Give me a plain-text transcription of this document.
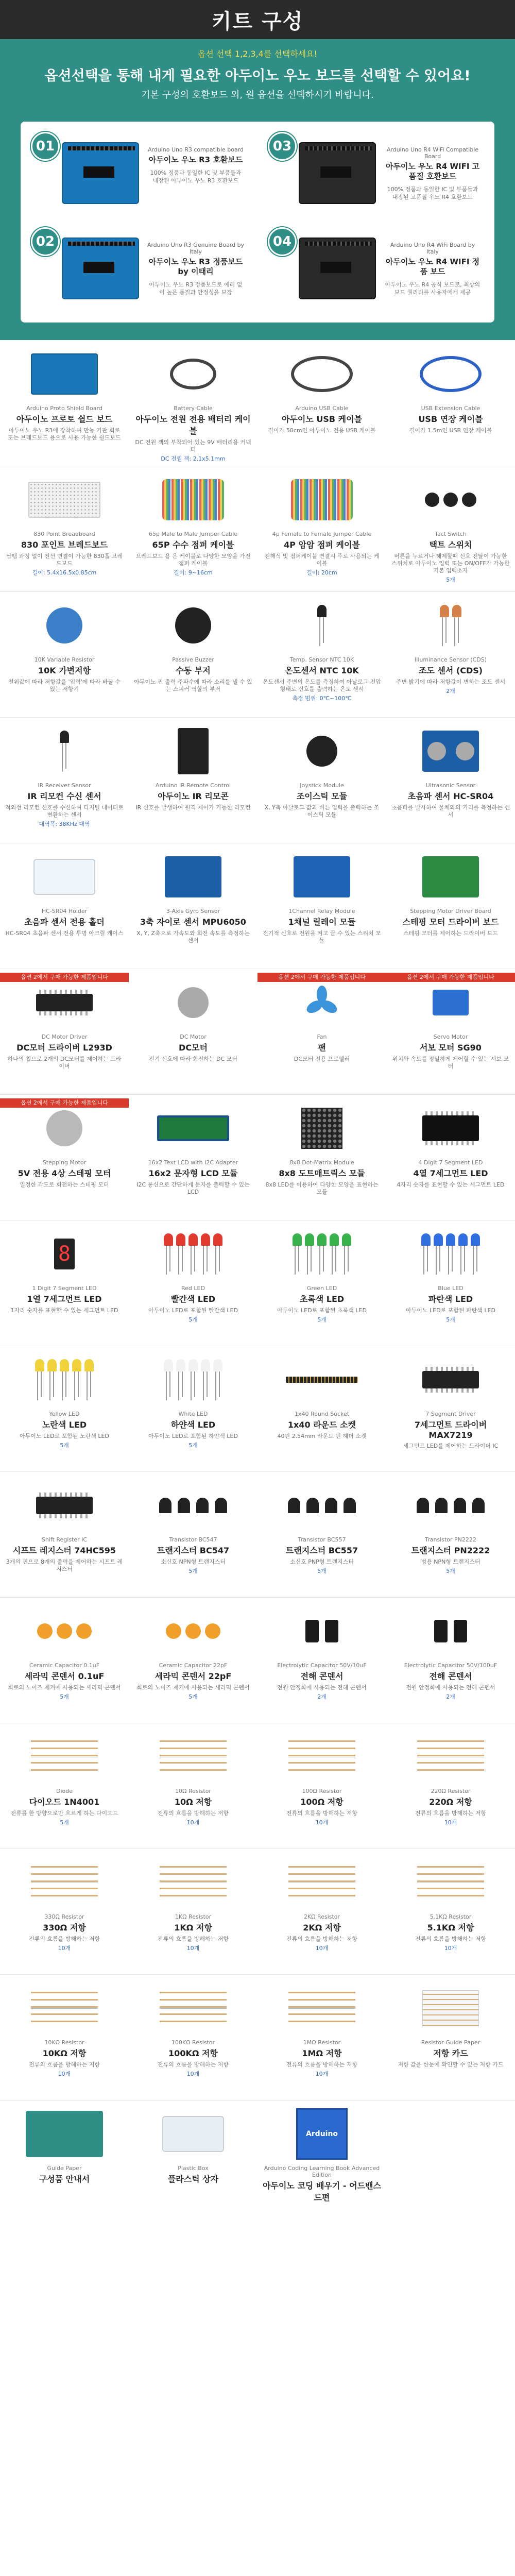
키트 구성
옵션 선택 1,2,3,4를 선택하세요!
옵션선택을 통해 내게 필요한 아두이노 우노 보드를 선택할 수 있어요!
기본 구성의 호환보드 외, 원 옵션을 선택하시기 바랍니다.
01	Arduino Uno R3 compatible board
아두이노 우노 R3 호환보드
100% 정품과 동일한 IC 및 부품들과 내장된 아두이노 우노 R3 호환보드
02	Arduino Uno R3 Genuine Board by Italy
아두이노 우노 R3 정품보드 by 이태리
아두이노 우노 R3 정품보드로 에러 없이 높은 품질과 안정성을 보장
03	Arduino Uno R4 WiFi Compatible Board
아두이노 우노 R4 WIFI 고품질 호환보드
100% 정품과 동일한 IC 및 부품들과 내장된 고품질 우노 R4 호환보드
04	Arduino Uno R4 WiFi Board by Italy
아두이노 우노 R4 WIFI 정품 보드
아두이노 우노 R4 공식 보드로, 최상의 보드 퀄리티를 사용자에게 제공
Arduino Proto Shield Board
아두이노 프로토 쉴드 보드
아두이노 우노 R3에 장착하여 만능 기판 회로 또는 브레드보드 용으로 사용 가능한 쉴드보드
Battery Cable
아두이노 전원 전용 배터리 케이블
DC 전원 잭의 부착되어 있는 9V 배터리용 커넥터
DC 전원 잭: 2.1x5.1mm
Arduino USB Cable
아두이노 USB 케이블
길이가 50cm인 아두이노 전용 USB 케이블
USB Extension Cable
USB 연장 케이블
길이가 1.5m인 USB 연장 케이블
830 Point Breadboard
830 포인트 브레드보드
납땜 과정 없이 전선 연결이 가능한 830홀 브레드보드
길이: 5.4x16.5x0.85cm
65p Male to Male Jumper Cable
65P 수수 점퍼 케이블
브레드보드 용 은 케이블로 다양한 모양을 가진 점퍼 케이블
길이: 9~16cm
4p Female to Female Jumper Cable
4P 암암 점퍼 케이블
전해식 및 점퍼케이블 연결시 주로 사용되는 케이블
길이: 20cm
Tact Switch
택트 스위치
버튼을 누르거나 해제할때 신호 전달이 가능한 스위치로 아두이노 입력 또는 ON/OFF가 가능한 기본 입력소자
5개
10K Variable Resistor
10K 가변저항
전위값에 따라 저항값을 '입력'에 따라 바꿀 수 있는 저항기
Passive Buzzer
수동 부저
아두이노 핀 출력 주파수에 따라 소리를 낼 수 있는 스피커 역할의 부저
Temp. Sensor NTC 10K
온도센서 NTC 10K
온도센서 주변의 온도를 측정하여 아날로그 전압 형태로 신호를 출력하는 온도 센서
측정 범위: 0℃~100℃
Illuminance Sensor (CDS)
조도 센서 (CDS)
주변 밝기에 따라 저항값이 변하는 조도 센서
2개
IR Receiver Sensor
IR 리모컨 수신 센서
적외선 리모컨 신호를 수신하여 디지털 데이터로 변환하는 센서
대역폭: 38KHz 대역
Arduino IR Remote Control
아두이노 IR 리모콘
IR 신호를 발생하여 원격 제어가 가능한 리모컨
Joystick Module
조이스틱 모듈
X, Y축 아날로그 값과 버튼 입력을 출력하는 조이스틱 모듈
Ultrasonic Sensor
초음파 센서 HC-SR04
초음파를 발사하여 물체와의 거리를 측정하는 센서
HC-SR04 Holder
초음파 센서 전용 홀더
HC-SR04 초음파 센서 전용 투명 아크릴 케이스
3-Axis Gyro Sensor
3축 자이로 센서 MPU6050
X, Y, Z축으로 가속도와 회전 속도를 측정하는 센서
1Channel Relay Module
1채널 릴레이 모듈
전기적 신호로 전원을 켜고 끌 수 있는 스위치 모듈
Stepping Motor Driver Board
스테핑 모터 드라이버 보드
스테핑 모터를 제어하는 드라이버 보드
옵션 2에서 구매 가능한 제품입니다
DC Motor Driver
DC모터 드라이버 L293D
하나의 칩으로 2개의 DC모터를 제어하는 드라이버
DC Motor
DC모터
전기 신호에 따라 회전하는 DC 모터
옵션 2에서 구매 가능한 제품입니다
Fan
팬
DC모터 전용 프로펠러
옵션 2에서 구매 가능한 제품입니다
Servo Motor
서보 모터 SG90
위치와 속도를 정밀하게 제어할 수 있는 서보 모터
옵션 2에서 구매 가능한 제품입니다
Stepping Motor
5V 전용 4상 스테핑 모터
일정한 각도로 회전하는 스테핑 모터
16x2 Text LCD with I2C Adapter
16x2 문자형 LCD 모듈
I2C 통신으로 간단하게 문자를 출력할 수 있는 LCD
8x8 Dot-Matrix Module
8x8 도트매트릭스 모듈
8x8 LED를 이용하여 다양한 모양을 표현하는 모듈
4 Digit 7 Segment LED
4열 7세그먼트 LED
4자리 숫자를 표현할 수 있는 세그먼트 LED
8
1 Digit 7 Segment LED
1열 7세그먼트 LED
1자리 숫자를 표현할 수 있는 세그먼트 LED
Red LED
빨간색 LED
아두이노 LED로 포함된 빨간색 LED
5개
Green LED
초록색 LED
아두이노 LED로 포함된 초록색 LED
5개
Blue LED
파란색 LED
아두이노 LED로 포함된 파란색 LED
5개
Yellow LED
노란색 LED
아두이노 LED로 포함된 노란색 LED
5개
White LED
하얀색 LED
아두이노 LED로 포함된 하얀색 LED
5개
1x40 Round Socket
1x40 라운드 소켓
40핀 2.54mm 라운드 핀 헤더 소켓
7 Segment Driver
7세그먼트 드라이버 MAX7219
세그먼트 LED를 제어하는 드라이버 IC
Shift Register IC
시프트 레지스터 74HC595
3개의 핀으로 8개의 출력을 제어하는 시프트 레지스터
Transistor BC547
트랜지스터 BC547
소신호 NPN형 트랜지스터
5개
Transistor BC557
트랜지스터 BC557
소신호 PNP형 트랜지스터
5개
Transistor PN2222
트랜지스터 PN2222
범용 NPN형 트랜지스터
5개
Ceramic Capacitor 0.1uF
세라믹 콘덴서 0.1uF
회로의 노이즈 제거에 사용되는 세라믹 콘덴서
5개
Ceramic Capacitor 22pF
세라믹 콘덴서 22pF
회로의 노이즈 제거에 사용되는 세라믹 콘덴서
5개
Electrolytic Capacitor 50V/10uF
전해 콘덴서
전원 안정화에 사용되는 전해 콘덴서
2개
Electrolytic Capacitor 50V/100uF
전해 콘덴서
전원 안정화에 사용되는 전해 콘덴서
2개
Diode
다이오드 1N4001
전류를 한 방향으로만 흐르게 하는 다이오드
5개
10Ω Resistor
10Ω 저항
전류의 흐름을 방해하는 저항
10개
100Ω Resistor
100Ω 저항
전류의 흐름을 방해하는 저항
10개
220Ω Resistor
220Ω 저항
전류의 흐름을 방해하는 저항
10개
330Ω Resistor
330Ω 저항
전류의 흐름을 방해하는 저항
10개
1KΩ Resistor
1KΩ 저항
전류의 흐름을 방해하는 저항
10개
2KΩ Resistor
2KΩ 저항
전류의 흐름을 방해하는 저항
10개
5.1KΩ Resistor
5.1KΩ 저항
전류의 흐름을 방해하는 저항
10개
10KΩ Resistor
10KΩ 저항
전류의 흐름을 방해하는 저항
10개
100KΩ Resistor
100KΩ 저항
전류의 흐름을 방해하는 저항
10개
1MΩ Resistor
1MΩ 저항
전류의 흐름을 방해하는 저항
10개
Resistor Guide Paper
저항 카드
저항 값을 한눈에 확인할 수 있는 저항 카드
Guide Paper
구성품 안내서
Plastic Box
플라스틱 상자
Arduino
Arduino Coding Learning Book Advanced Edition
아두이노 코딩 배우기 - 어드밴스드편
